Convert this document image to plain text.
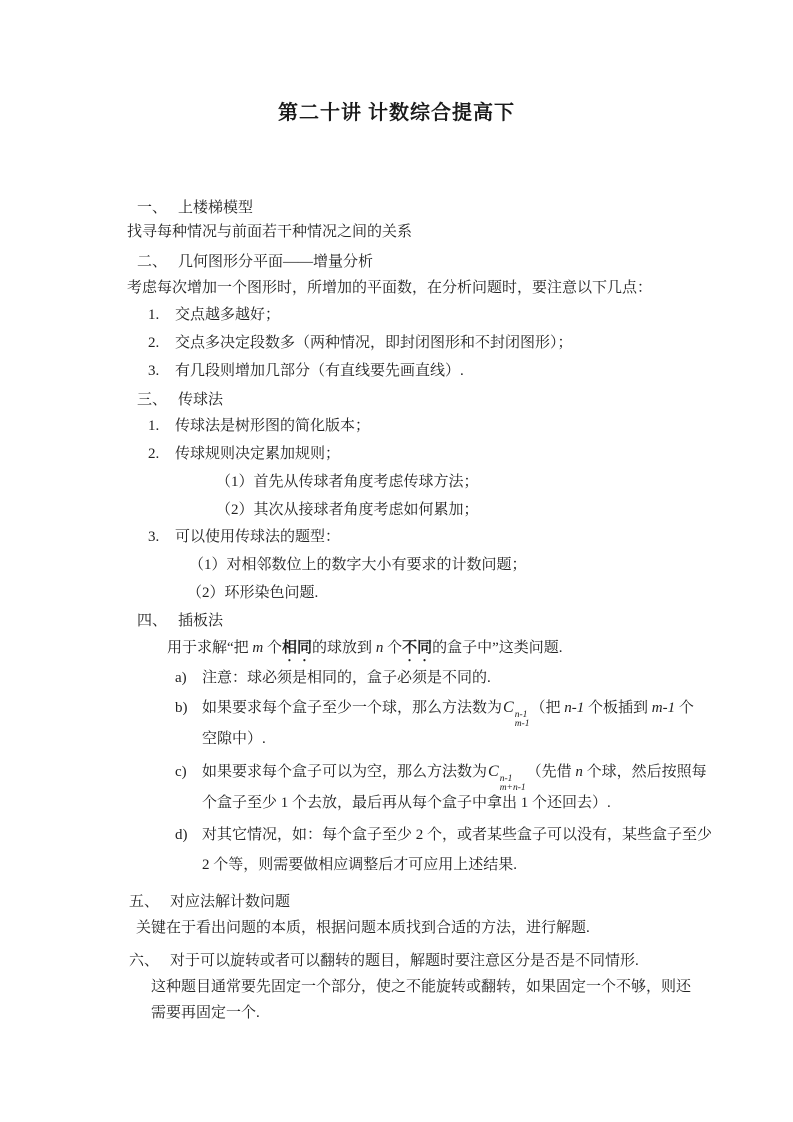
第二十讲 计数综合提高下
一、 上楼梯模型
找寻每种情况与前面若干种情况之间的关系
二、 几何图形分平面——增量分析
考虑每次增加一个图形时，所增加的平面数，在分析问题时，要注意以下几点：
1. 交点越多越好；
2. 交点多决定段数多（两种情况，即封闭图形和不封闭图形）；
3. 有几段则增加几部分（有直线要先画直线）.
三、 传球法
1. 传球法是树形图的简化版本；
2. 传球规则决定累加规则；
（1）首先从传球者角度考虑传球方法；
（2）其次从接球者角度考虑如何累加；
3. 可以使用传球法的题型：
（1）对相邻数位上的数字大小有要求的计数问题；
（2）环形染色问题.
四、 插板法
用于求解“把 m 个相同的球放到 n 个不同的盒子中”这类问题.
a) 注意：球必须是相同的，盒子必须是不同的.
b) 如果要求每个盒子至少一个球，那么方法数为C n-1
m-1
（把 n-1 个板插到 m-1 个
空隙中）.
c) 如果要求每个盒子可以为空，那么方法数为C n-1
m+n-1
（先借 n 个球，然后按照每
个盒子至少 1 个去放，最后再从每个盒子中拿出 1 个还回去）.
d) 对其它情况，如：每个盒子至少 2 个，或者某些盒子可以没有，某些盒子至少
2 个等，则需要做相应调整后才可应用上述结果.
五、 对应法解计数问题
关键在于看出问题的本质，根据问题本质找到合适的方法，进行解题.
六、 对于可以旋转或者可以翻转的题目，解题时要注意区分是否是不同情形.
这种题目通常要先固定一个部分，使之不能旋转或翻转，如果固定一个不够，则还
需要再固定一个.
